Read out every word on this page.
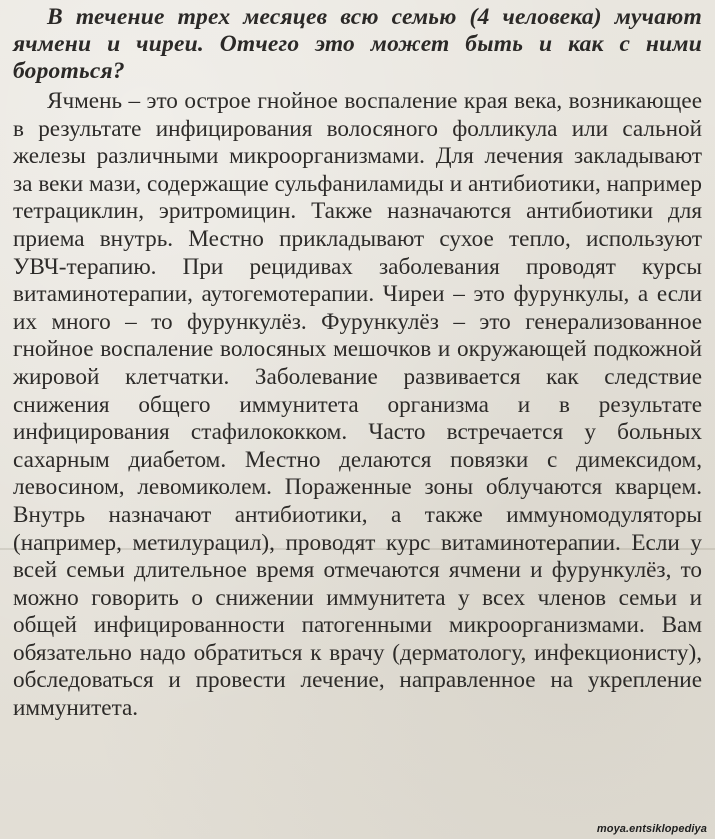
В течение трех месяцев всю семью (4 человека) мучают ячмени и чиреи. Отчего это может быть и как с ними бороться?

Ячмень – это острое гнойное воспаление края века, возникающее в результате инфицирования волосяного фолликула или сальной железы различными микроорганизмами. Для лечения закладывают за веки мази, содержащие сульфаниламиды и антибиотики, например тетрациклин, эритромицин. Также назначаются антибиотики для приема внутрь. Местно прикладывают сухое тепло, используют УВЧ-терапию. При рецидивах заболевания проводят курсы витаминотерапии, аутогемотерапии. Чиреи – это фурункулы, а если их много – то фурункулёз. Фурункулёз – это генерализованное гнойное воспаление волосяных мешочков и окружающей подкожной жировой клетчатки. Заболевание развивается как следствие снижения общего иммунитета организма и в результате инфицирования стафилококком. Часто встречается у больных сахарным диабетом. Местно делаются повязки с димексидом, левосином, левомиколем. Пораженные зоны облучаются кварцем. Внутрь назначают антибиотики, а также иммуномодуляторы (например, метилурацил), проводят курс витаминотерапии. Если у всей семьи длительное время отмечаются ячмени и фурункулёз, то можно говорить о снижении иммунитета у всех членов семьи и общей инфицированности патогенными микроорганизмами. Вам обязательно надо обратиться к врачу (дерматологу, инфекционисту), обследоваться и провести лечение, направленное на укрепление иммунитета.

moya.entsiklopediya
